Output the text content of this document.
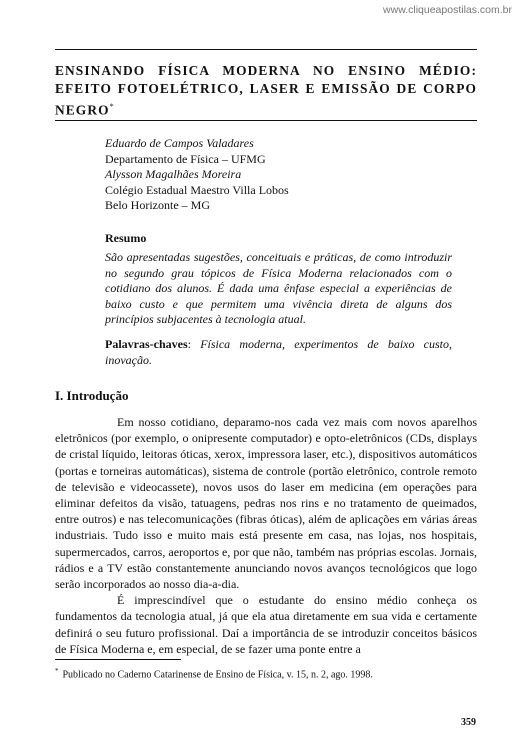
www.cliqueapostilas.com.br
ENSINANDO FÍSICA MODERNA NO ENSINO MÉDIO: EFEITO FOTOELÉTRICO, LASER E EMISSÃO DE CORPO NEGRO*
Eduardo de Campos Valadares
Departamento de Física – UFMG
Alysson Magalhães Moreira
Colégio Estadual Maestro Villa Lobos
Belo Horizonte – MG
Resumo
São apresentadas sugestões, conceituais e práticas, de como introduzir no segundo grau tópicos de Física Moderna relacionados com o cotidiano dos alunos. É dada uma ênfase especial a experiências de baixo custo e que permitem uma vivência direta de alguns dos princípios subjacentes à tecnologia atual.
Palavras-chaves: Física moderna, experimentos de baixo custo, inovação.
I. Introdução

Em nosso cotidiano, deparamo-nos cada vez mais com novos aparelhos eletrônicos (por exemplo, o onipresente computador) e opto-eletrônicos (CDs, displays de cristal líquido, leitoras óticas, xerox, impressora laser, etc.), dispositivos automáticos (portas e torneiras automáticas), sistema de controle (portão eletrônico, controle remoto de televisão e videocassete), novos usos do laser em medicina (em operações para eliminar defeitos da visão, tatuagens, pedras nos rins e no tratamento de queimados, entre outros) e nas telecomunicações (fibras óticas), além de aplicações em várias áreas industriais. Tudo isso e muito mais está presente em casa, nas lojas, nos hospitais, supermercados, carros, aeroportos e, por que não, também nas próprias escolas. Jornais, rádios e a TV estão constantemente anunciando novos avanços tecnológicos que logo serão incorporados ao nosso dia-a-dia.

É imprescindível que o estudante do ensino médio conheça os fundamentos da tecnologia atual, já que ela atua diretamente em sua vida e certamente definirá o seu futuro profissional. Daí a importância de se introduzir conceitos básicos de Física Moderna e, em especial, de se fazer uma ponte entre a

* Publicado no Caderno Catarinense de Ensino de Física, v. 15, n. 2, ago. 1998.
359
